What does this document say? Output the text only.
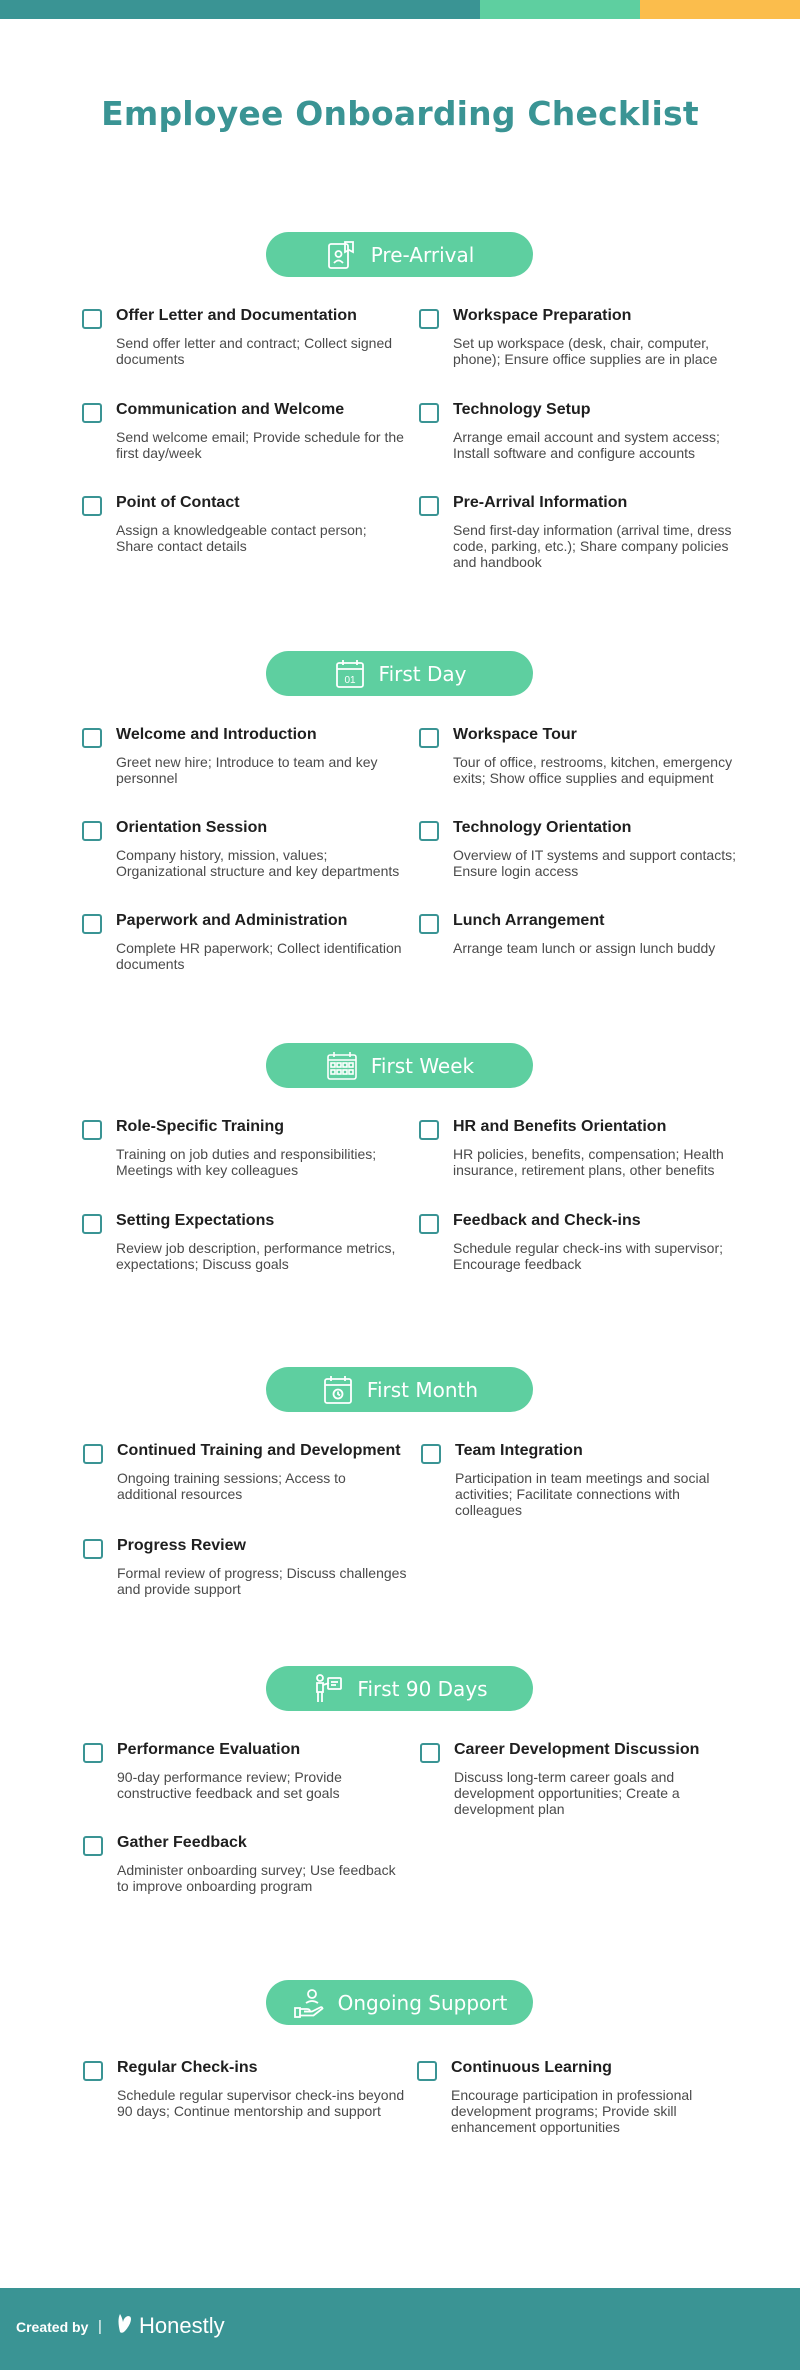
Employee Onboarding Checklist
Pre-Arrival
Offer Letter and Documentation
Send offer letter and contract; Collect signed documents
Workspace Preparation
Set up workspace (desk, chair, computer, phone); Ensure office supplies are in place
Communication and Welcome
Send welcome email; Provide schedule for the first day/week
Technology Setup
Arrange email account and system access; Install software and configure accounts
Point of Contact
Assign a knowledgeable contact person; Share contact details
Pre-Arrival Information
Send first-day information (arrival time, dress code, parking, etc.); Share company policies and handbook
01 First Day
Welcome and Introduction
Greet new hire; Introduce to team and key personnel
Workspace Tour
Tour of office, restrooms, kitchen, emergency exits; Show office supplies and equipment
Orientation Session
Company history, mission, values; Organizational structure and key departments
Technology Orientation
Overview of IT systems and support contacts; Ensure login access
Paperwork and Administration
Complete HR paperwork; Collect identification documents
Lunch Arrangement
Arrange team lunch or assign lunch buddy
First Week
Role-Specific Training
Training on job duties and responsibilities; Meetings with key colleagues
HR and Benefits Orientation
HR policies, benefits, compensation; Health insurance, retirement plans, other benefits
Setting Expectations
Review job description, performance metrics, expectations; Discuss goals
Feedback and Check-ins
Schedule regular check-ins with supervisor; Encourage feedback
First Month
Continued Training and Development
Ongoing training sessions; Access to additional resources
Team Integration
Participation in team meetings and social activities; Facilitate connections with colleagues
Progress Review
Formal review of progress; Discuss challenges and provide support
First 90 Days
Performance Evaluation
90-day performance review; Provide constructive feedback and set goals
Career Development Discussion
Discuss long-term career goals and development opportunities; Create a development plan
Gather Feedback
Administer onboarding survey; Use feedback to improve onboarding program
Ongoing Support
Regular Check-ins
Schedule regular supervisor check-ins beyond 90 days; Continue mentorship and support
Continuous Learning
Encourage participation in professional development programs; Provide skill enhancement opportunities
Created by | Honestly
